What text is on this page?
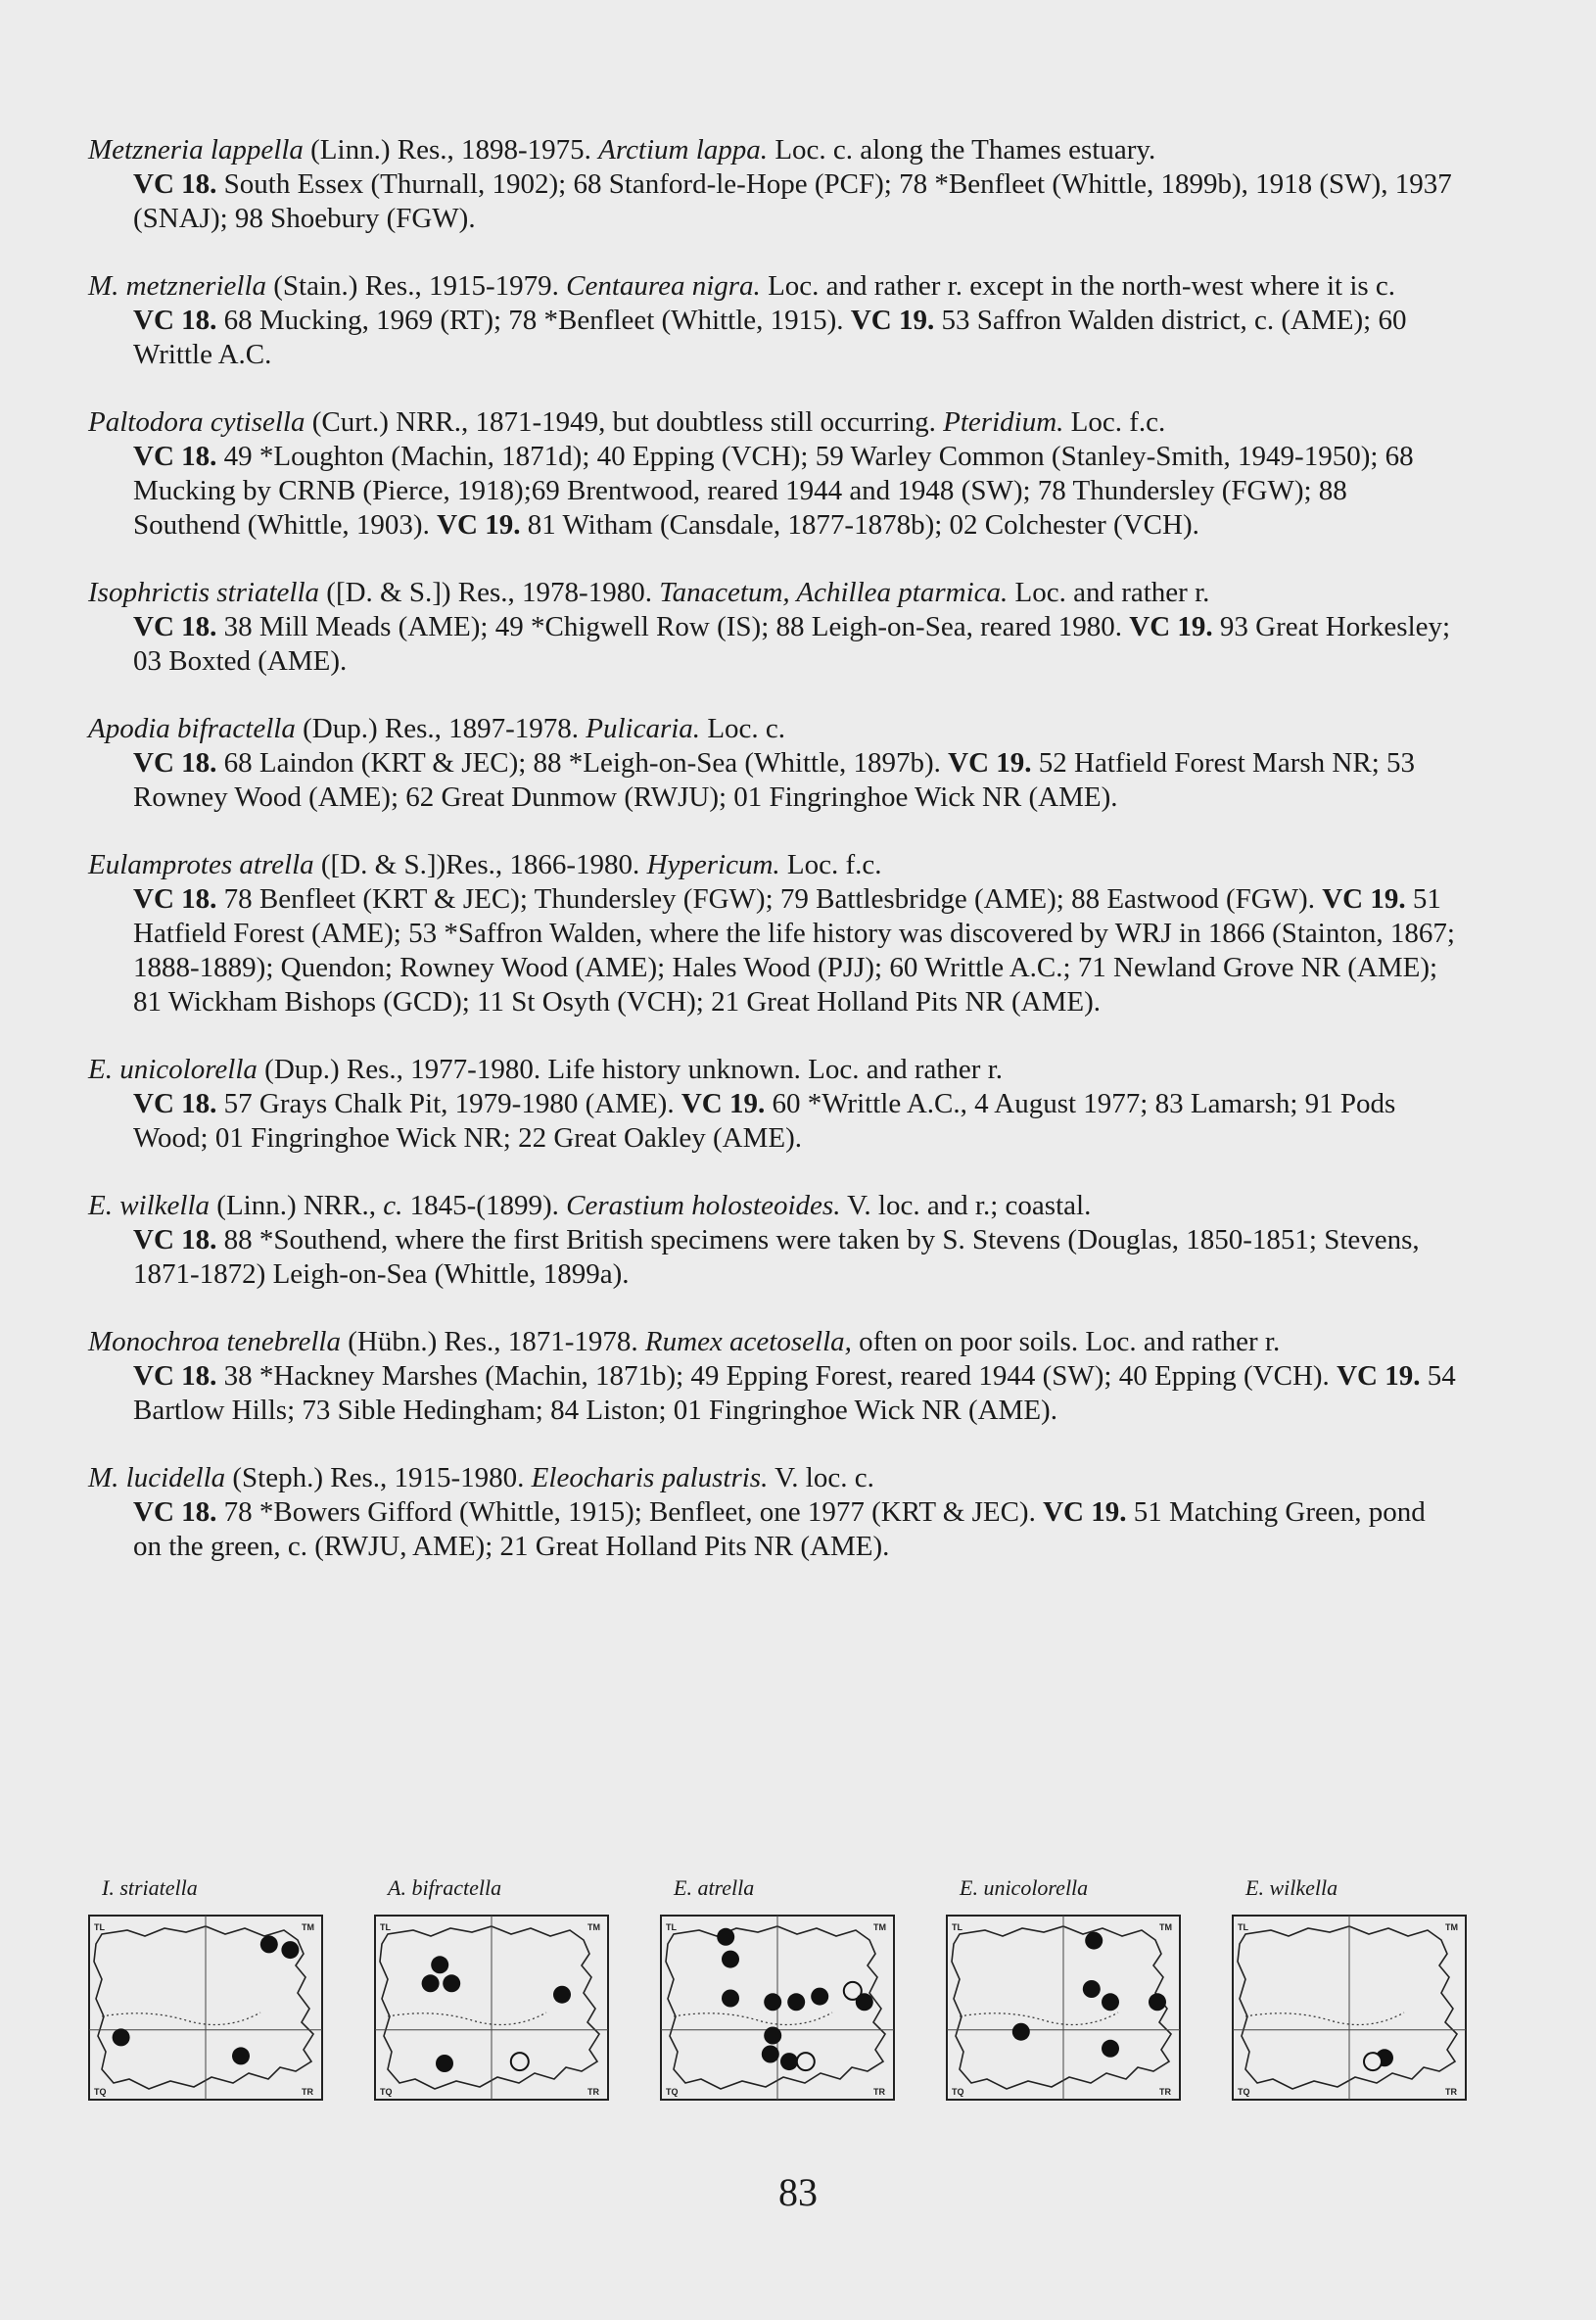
Metzneria lappella (Linn.) Res., 1898-1975. Arctium lappa. Loc. c. along the Thames estuary.

VC 18. South Essex (Thurnall, 1902); 68 Stanford-le-Hope (PCF); 78 *Benfleet (Whittle, 1899b), 1918 (SW), 1937 (SNAJ); 98 Shoebury (FGW).

M. metzneriella (Stain.) Res., 1915-1979. Centaurea nigra. Loc. and rather r. except in the north-west where it is c.

VC 18. 68 Mucking, 1969 (RT); 78 *Benfleet (Whittle, 1915). VC 19. 53 Saffron Walden district, c. (AME); 60 Writtle A.C.

Paltodora cytisella (Curt.) NRR., 1871-1949, but doubtless still occurring. Pteridium. Loc. f.c.

VC 18. 49 *Loughton (Machin, 1871d); 40 Epping (VCH); 59 Warley Common (Stanley-Smith, 1949-1950); 68 Mucking by CRNB (Pierce, 1918);69 Brentwood, reared 1944 and 1948 (SW); 78 Thundersley (FGW); 88 Southend (Whittle, 1903). VC 19. 81 Witham (Cansdale, 1877-1878b); 02 Colchester (VCH).

Isophrictis striatella ([D. & S.]) Res., 1978-1980. Tanacetum, Achillea ptarmica. Loc. and rather r.

VC 18. 38 Mill Meads (AME); 49 *Chigwell Row (IS); 88 Leigh-on-Sea, reared 1980. VC 19. 93 Great Horkesley; 03 Boxted (AME).

Apodia bifractella (Dup.) Res., 1897-1978. Pulicaria. Loc. c.

VC 18. 68 Laindon (KRT & JEC); 88 *Leigh-on-Sea (Whittle, 1897b). VC 19. 52 Hatfield Forest Marsh NR; 53 Rowney Wood (AME); 62 Great Dunmow (RWJU); 01 Fingringhoe Wick NR (AME).

Eulamprotes atrella ([D. & S.])Res., 1866-1980. Hypericum. Loc. f.c.

VC 18. 78 Benfleet (KRT & JEC); Thundersley (FGW); 79 Battlesbridge (AME); 88 Eastwood (FGW). VC 19. 51 Hatfield Forest (AME); 53 *Saffron Walden, where the life history was discovered by WRJ in 1866 (Stainton, 1867; 1888-1889); Quendon; Rowney Wood (AME); Hales Wood (PJJ); 60 Writtle A.C.; 71 Newland Grove NR (AME); 81 Wickham Bishops (GCD); 11 St Osyth (VCH); 21 Great Holland Pits NR (AME).

E. unicolorella (Dup.) Res., 1977-1980. Life history unknown. Loc. and rather r.

VC 18. 57 Grays Chalk Pit, 1979-1980 (AME). VC 19. 60 *Writtle A.C., 4 August 1977; 83 Lamarsh; 91 Pods Wood; 01 Fingringhoe Wick NR; 22 Great Oakley (AME).

E. wilkella (Linn.) NRR., c. 1845-(1899). Cerastium holosteoides. V. loc. and r.; coastal.

VC 18. 88 *Southend, where the first British specimens were taken by S. Stevens (Douglas, 1850-1851; Stevens, 1871-1872) Leigh-on-Sea (Whittle, 1899a).

Monochroa tenebrella (Hübn.) Res., 1871-1978. Rumex acetosella, often on poor soils. Loc. and rather r.

VC 18. 38 *Hackney Marshes (Machin, 1871b); 49 Epping Forest, reared 1944 (SW); 40 Epping (VCH). VC 19. 54 Bartlow Hills; 73 Sible Hedingham; 84 Liston; 01 Fingringhoe Wick NR (AME).

M. lucidella (Steph.) Res., 1915-1980. Eleocharis palustris. V. loc. c.

VC 18. 78 *Bowers Gifford (Whittle, 1915); Benfleet, one 1977 (KRT & JEC). VC 19. 51 Matching Green, pond on the green, c. (RWJU, AME); 21 Great Holland Pits NR (AME).

I. striatella
TL	TM
TQ	TR
A. bifractella
TL	TM
TQ	TR
E. atrella
TL	TM
TQ	TR
E. unicolorella
TL	TM
TQ	TR
E. wilkella
TL	TM
TQ	TR
83
